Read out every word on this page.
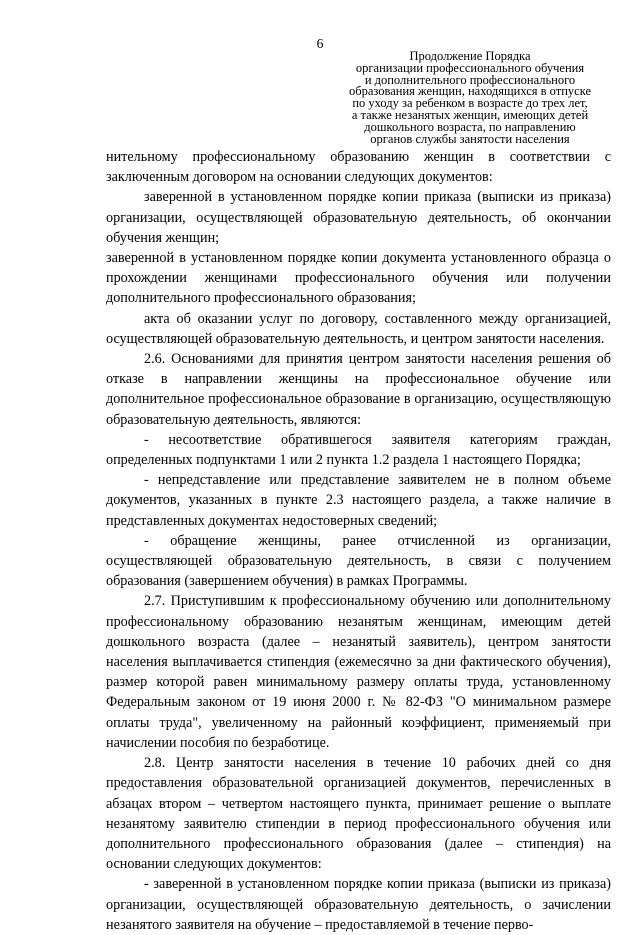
6
Продолжение Порядка
организации профессионального обучения
и дополнительного профессионального
образования женщин, находящихся в отпуске
по уходу за ребенком в возрасте до трех лет,
а также незанятых женщин, имеющих детей
дошкольного возраста, по направлению
органов службы занятости населения

нительному профессиональному образованию женщин в соответствии с заключенным договором на основании следующих документов:

заверенной в установленном порядке копии приказа (выписки из приказа) организации, осуществляющей образовательную деятельность, об окончании обучения женщин;

заверенной в установленном порядке копии документа установленного образца о прохождении женщинами профессионального обучения или получении дополнительного профессионального образования;

акта об оказании услуг по договору, составленного между организацией, осуществляющей образовательную деятельность, и центром занятости населения.

2.6. Основаниями для принятия центром занятости населения решения об отказе в направлении женщины на профессиональное обучение или дополнительное профессиональное образование в организацию, осуществляющую образовательную деятельность, являются:

- несоответствие обратившегося заявителя категориям граждан, определенных подпунктами 1 или 2 пункта 1.2 раздела 1 настоящего Порядка;

- непредставление или представление заявителем не в полном объеме документов, указанных в пункте 2.3 настоящего раздела, а также наличие в представленных документах недостоверных сведений;

- обращение женщины, ранее отчисленной из организации, осуществляющей образовательную деятельность, в связи с получением образования (завершением обучения) в рамках Программы.

2.7. Приступившим к профессиональному обучению или дополнительному профессиональному образованию незанятым женщинам, имеющим детей дошкольного возраста (далее – незанятый заявитель), центром занятости населения выплачивается стипендия (ежемесячно за дни фактического обучения), размер которой равен минимальному размеру оплаты труда, установленному Федеральным законом от 19 июня 2000 г. № 82-ФЗ "О минимальном размере оплаты труда", увеличенному на районный коэффициент, применяемый при начислении пособия по безработице.

2.8. Центр занятости населения в течение 10 рабочих дней со дня предоставления образовательной организацией документов, перечисленных в абзацах втором – четвертом настоящего пункта, принимает решение о выплате незанятому заявителю стипендии в период профессионального обучения или дополнительного профессионального образования (далее – стипендия) на основании следующих документов:

- заверенной в установленном порядке копии приказа (выписки из приказа) организации, осуществляющей образовательную деятельность, о зачислении незанятого заявителя на обучение – предоставляемой в течение перво-
